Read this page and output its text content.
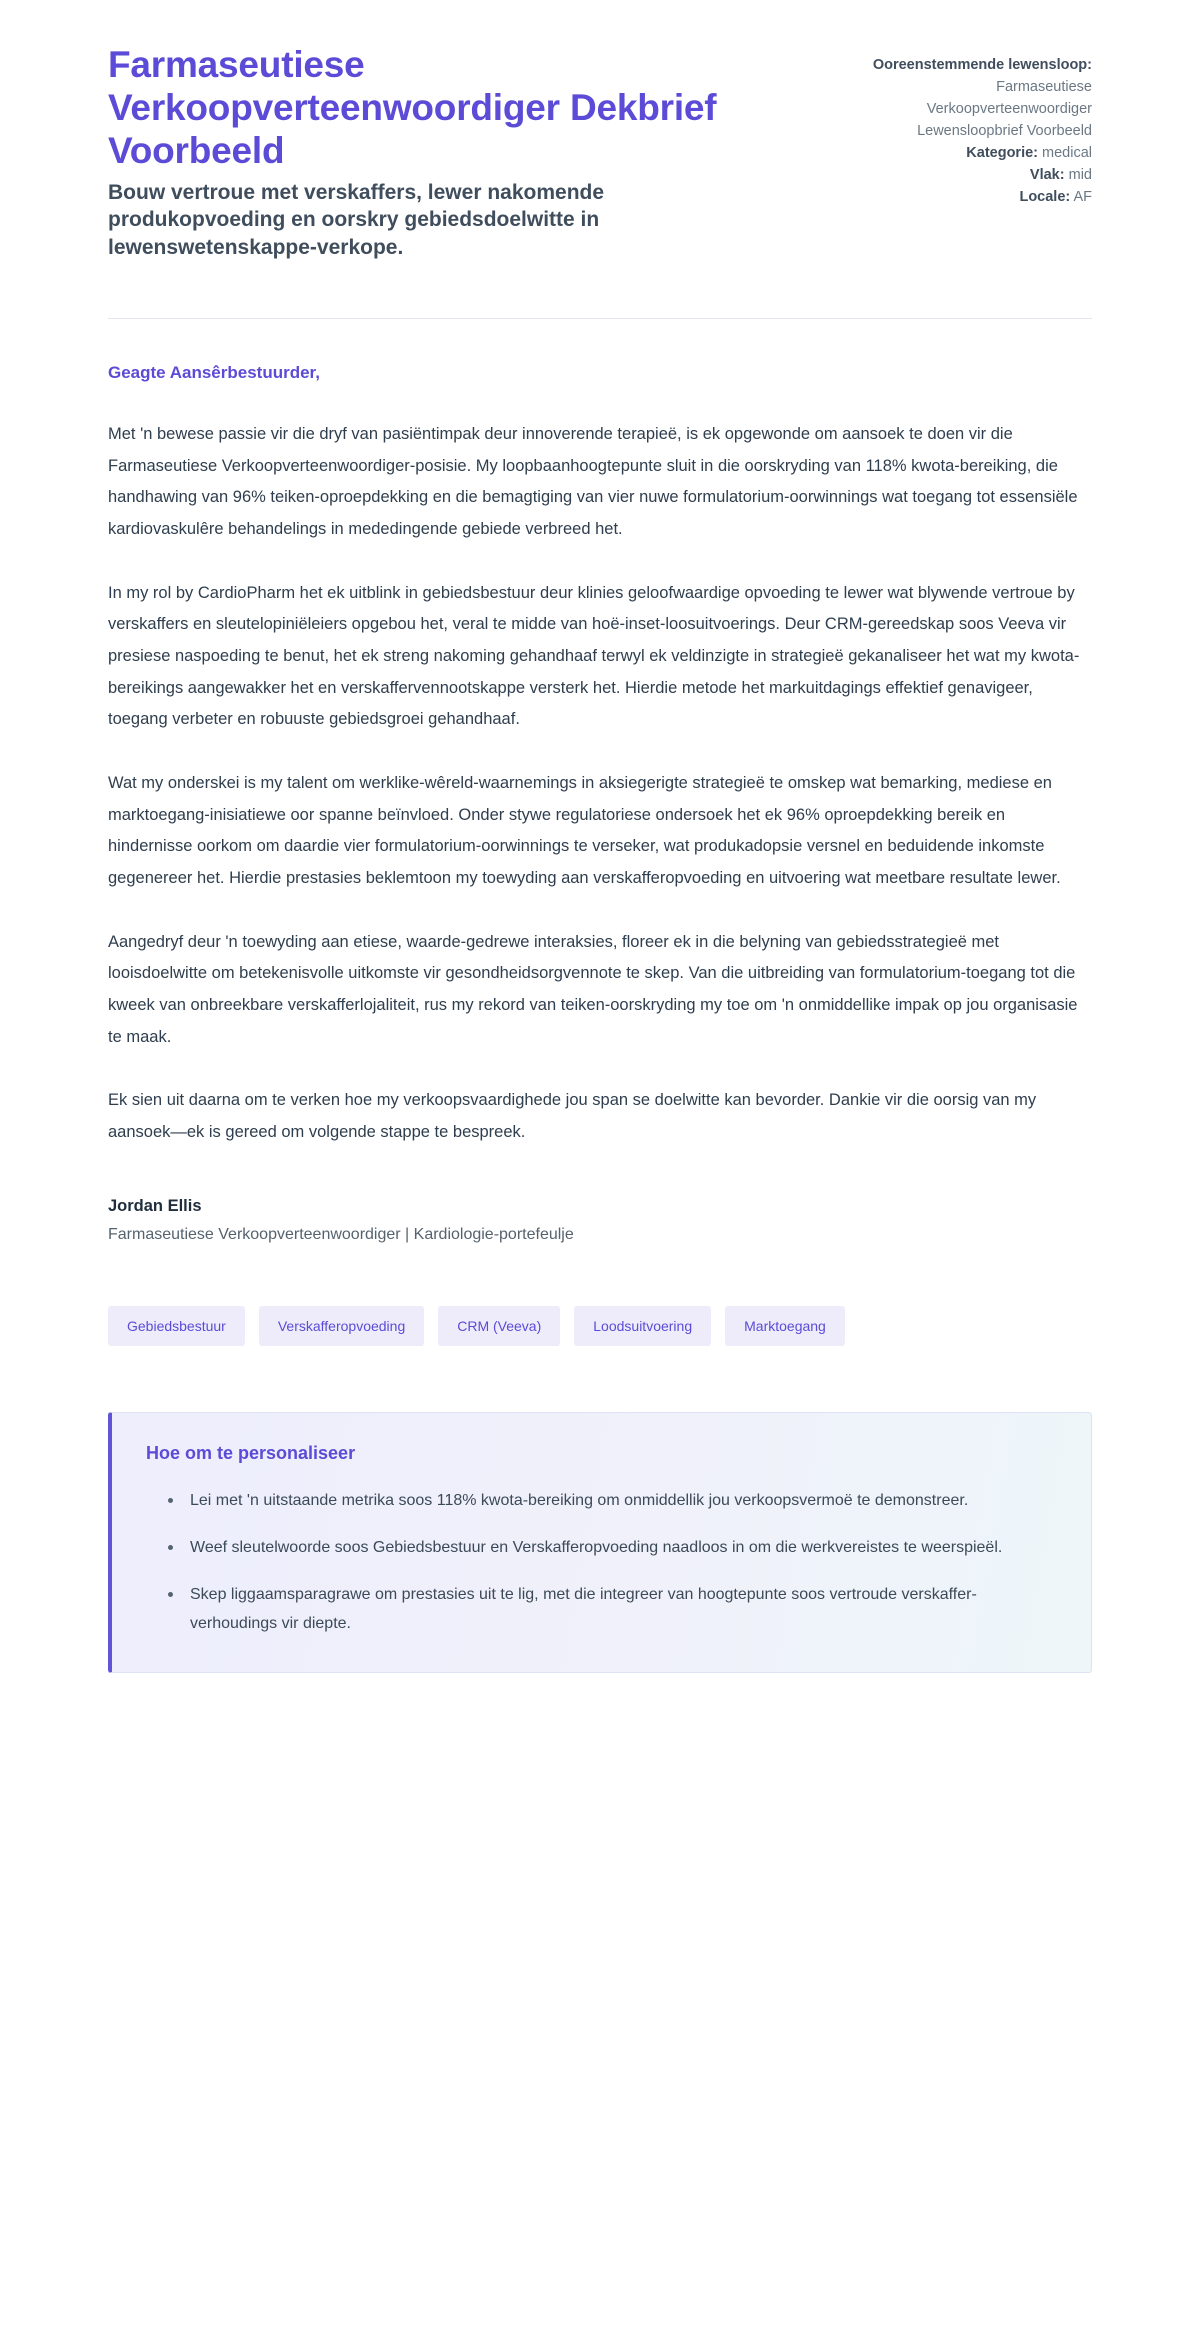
Farmaseutiese Verkoopverteenwoordiger Dekbrief Voorbeeld

Bouw vertroue met verskaffers, lewer nakomende produkopvoeding en oorskry gebiedsdoelwitte in lewenswetenskappe-verkope.

Ooreenstemmende lewensloop:
Farmaseutiese
Verkoopverteenwoordiger
Lewensloopbrief Voorbeeld
Kategorie: medical
Vlak: mid
Locale: AF

Geagte Aansêrbestuurder,

Met 'n bewese passie vir die dryf van pasiëntimpak deur innoverende terapieë, is ek opgewonde om aansoek te doen vir die Farmaseutiese Verkoopverteenwoordiger-posisie. My loopbaanhoogtepunte sluit in die oorskryding van 118% kwota-bereiking, die handhawing van 96% teiken-oproepdekking en die bemagtiging van vier nuwe formulatorium-oorwinnings wat toegang tot essensiële kardiovaskulêre behandelings in mededingende gebiede verbreed het.

In my rol by CardioPharm het ek uitblink in gebiedsbestuur deur klinies geloofwaardige opvoeding te lewer wat blywende vertroue by verskaffers en sleutelopiniëleiers opgebou het, veral te midde van hoë-inset-loosuitvoerings. Deur CRM-gereedskap soos Veeva vir presiese naspoeding te benut, het ek streng nakoming gehandhaaf terwyl ek veldinzigte in strategieë gekanaliseer het wat my kwota-bereikings aangewakker het en verskaffervennootskappe versterk het. Hierdie metode het markuitdagings effektief genavigeer, toegang verbeter en robuuste gebiedsgroei gehandhaaf.

Wat my onderskei is my talent om werklike-wêreld-waarnemings in aksiegerigte strategieë te omskep wat bemarking, mediese en marktoegang-inisiatiewe oor spanne beïnvloed. Onder stywe regulatoriese ondersoek het ek 96% oproepdekking bereik en hindernisse oorkom om daardie vier formulatorium-oorwinnings te verseker, wat produkadopsie versnel en beduidende inkomste gegenereer het. Hierdie prestasies beklemtoon my toewyding aan verskafferopvoeding en uitvoering wat meetbare resultate lewer.

Aangedryf deur 'n toewyding aan etiese, waarde-gedrewe interaksies, floreer ek in die belyning van gebiedsstrategieë met looisdoelwitte om betekenisvolle uitkomste vir gesondheidsorgvennote te skep. Van die uitbreiding van formulatorium-toegang tot die kweek van onbreekbare verskafferlojaliteit, rus my rekord van teiken-oorskryding my toe om 'n onmiddellike impak op jou organisasie te maak.

Ek sien uit daarna om te verken hoe my verkoopsvaardighede jou span se doelwitte kan bevorder. Dankie vir die oorsig van my aansoek—ek is gereed om volgende stappe te bespreek.

Jordan Ellis

Farmaseutiese Verkoopverteenwoordiger | Kardiologie-portefeulje

Gebiedsbestuur	Verskafferopvoeding	CRM (Veeva)	Loodsuitvoering	Marktoegang

Hoe om te personaliseer

Lei met 'n uitstaande metrika soos 118% kwota-bereiking om onmiddellik jou verkoopsvermoë te demonstreer.
Weef sleutelwoorde soos Gebiedsbestuur en Verskafferopvoeding naadloos in om die werkvereistes te weerspieël.
Skep liggaamsparagrawe om prestasies uit te lig, met die integreer van hoogtepunte soos vertroude verskaffer-verhoudings vir diepte.
